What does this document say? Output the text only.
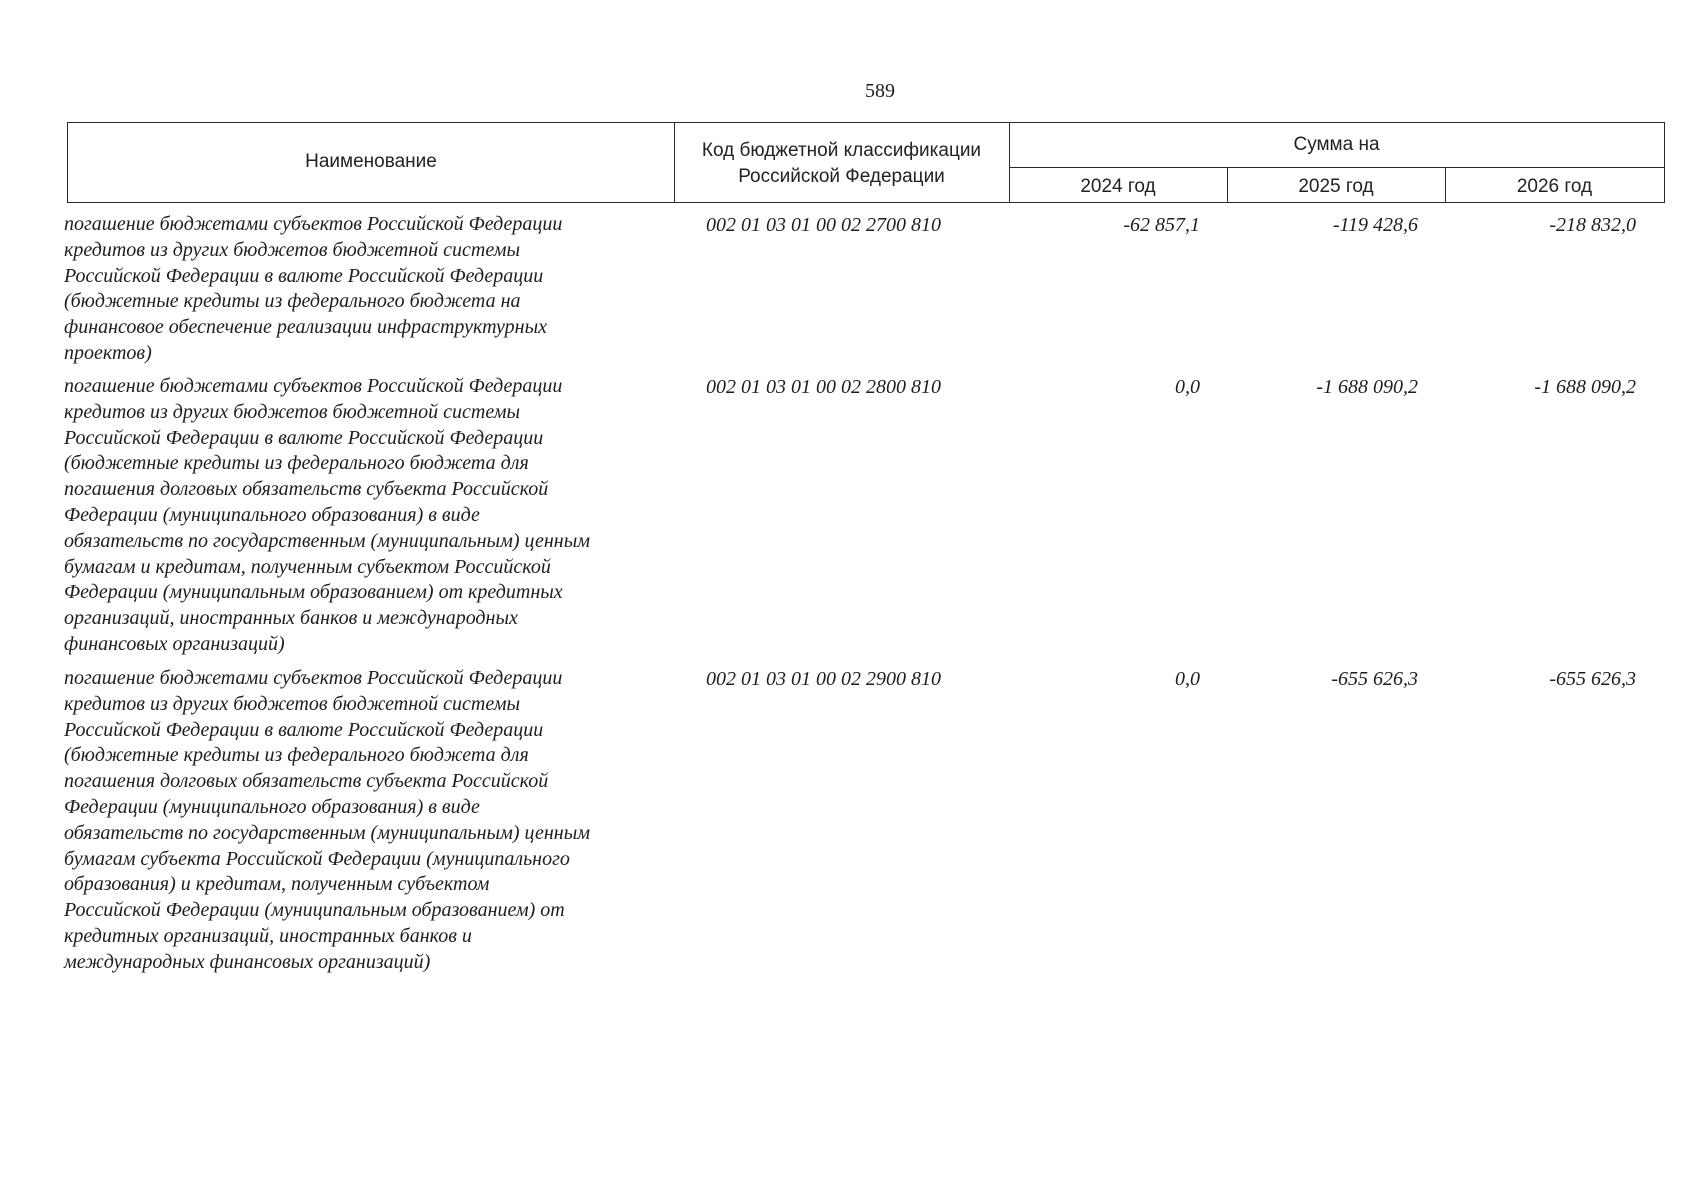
589
Наименование
Код бюджетной классификации
Российской Федерации
Сумма на
2024 год	2025 год	2026 год
погашение бюджетами субъектов Российской Федерации
кредитов из других бюджетов бюджетной системы
Российской Федерации в валюте Российской Федерации
(бюджетные кредиты из федерального бюджета на
финансовое обеспечение реализации инфраструктурных
проектов)
002 01 03 01 00 02 2700 810	-62 857,1	-119 428,6	-218 832,0
погашение бюджетами субъектов Российской Федерации
кредитов из других бюджетов бюджетной системы
Российской Федерации в валюте Российской Федерации
(бюджетные кредиты из федерального бюджета для
погашения долговых обязательств субъекта Российской
Федерации (муниципального образования) в виде
обязательств по государственным (муниципальным) ценным
бумагам и кредитам, полученным субъектом Российской
Федерации (муниципальным образованием) от кредитных
организаций, иностранных банков и международных
финансовых организаций)
002 01 03 01 00 02 2800 810	0,0	-1 688 090,2	-1 688 090,2
погашение бюджетами субъектов Российской Федерации
кредитов из других бюджетов бюджетной системы
Российской Федерации в валюте Российской Федерации
(бюджетные кредиты из федерального бюджета для
погашения долговых обязательств субъекта Российской
Федерации (муниципального образования) в виде
обязательств по государственным (муниципальным) ценным
бумагам субъекта Российской Федерации (муниципального
образования) и кредитам, полученным субъектом
Российской Федерации (муниципальным образованием) от
кредитных организаций, иностранных банков и
международных финансовых организаций)
002 01 03 01 00 02 2900 810	0,0	-655 626,3	-655 626,3
